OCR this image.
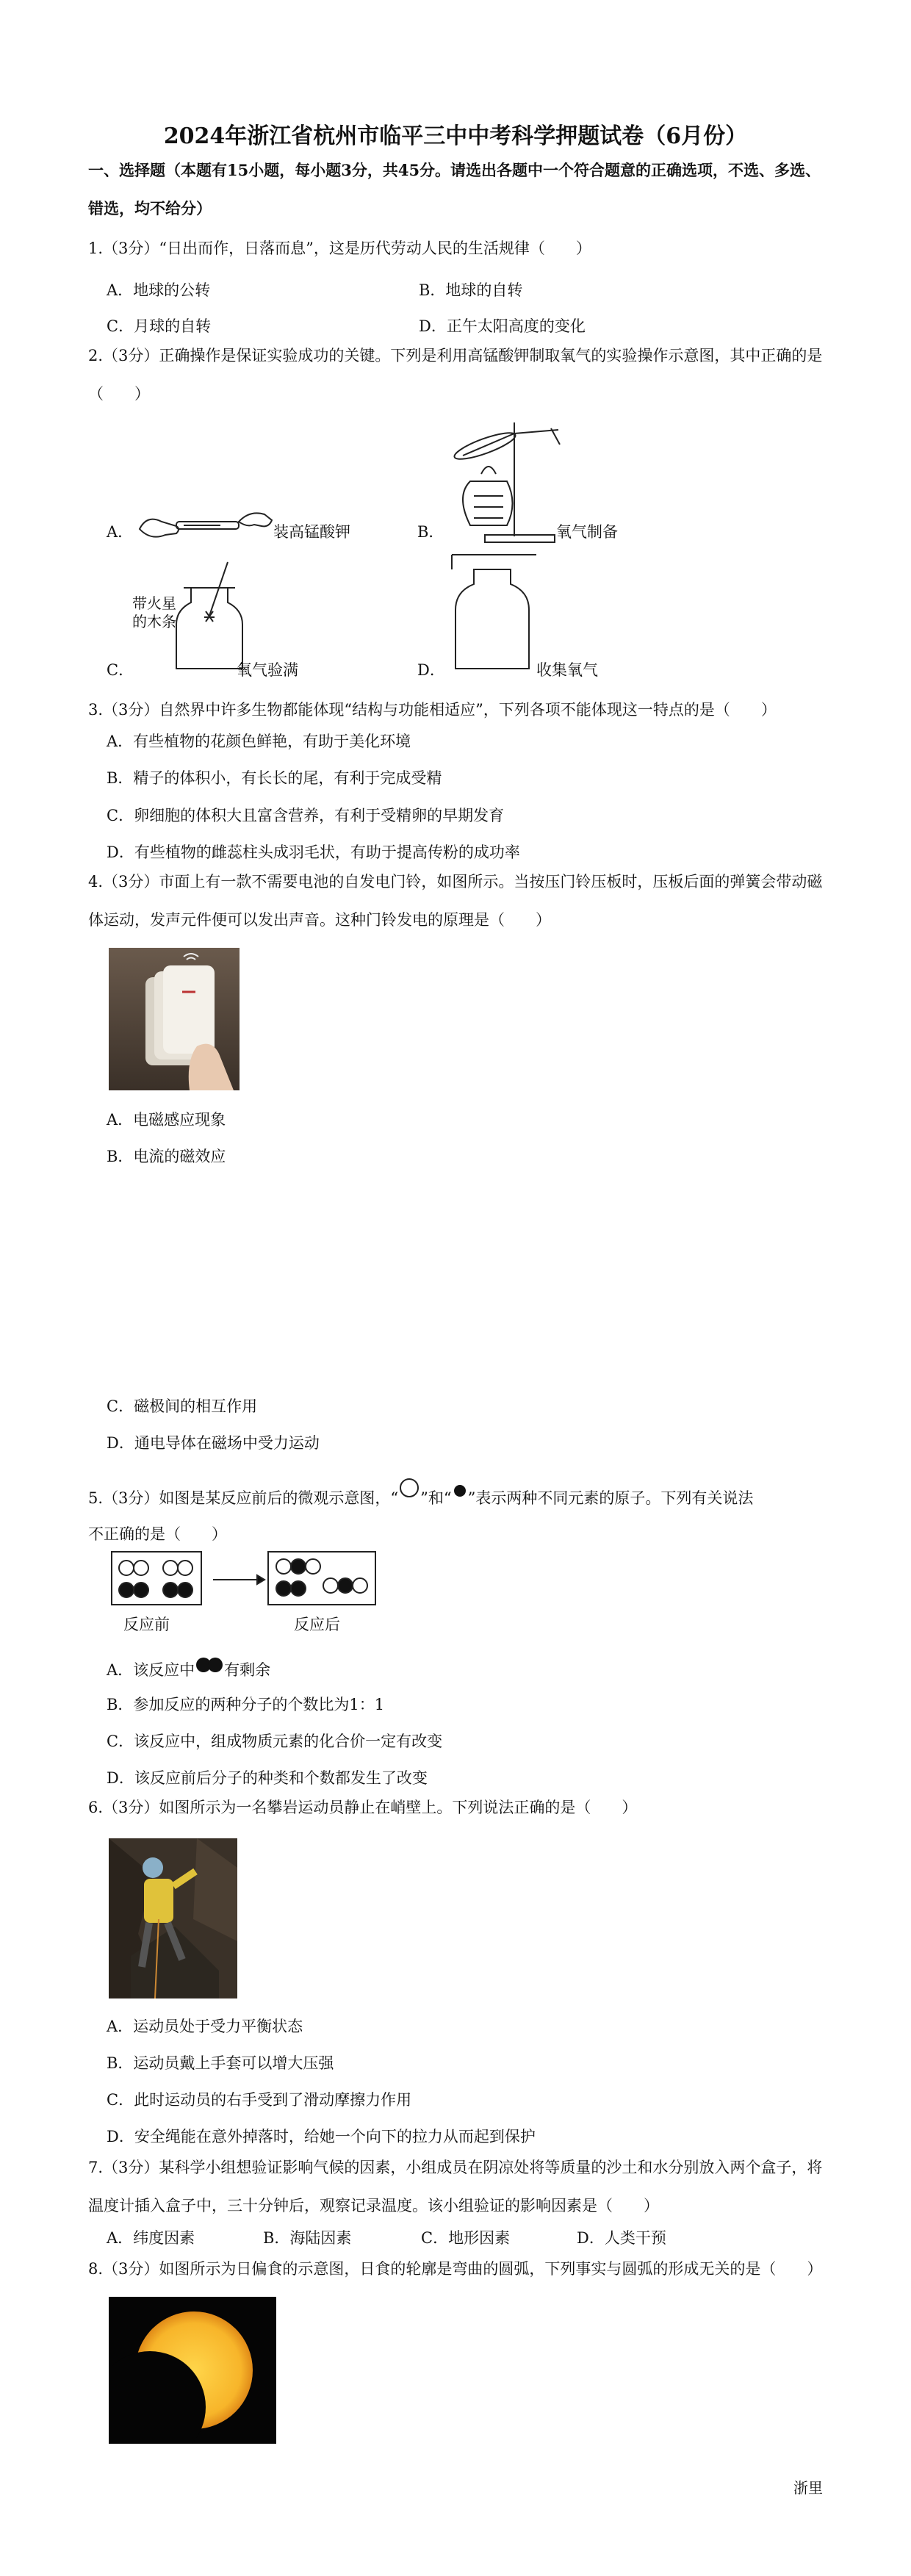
2024年浙江省杭州市临平三中中考科学押题试卷（6月份）
一、选择题（本题有15小题，每小题3分，共45分。请选出各题中一个符合题意的正确选项，不选、多选、错选，均不给分）
1.（3分）“日出而作，日落而息”，这是历代劳动人民的生活规律（　　）
A．地球的公转	B．地球的自转
C．月球的自转	D．正午太阳高度的变化
2.（3分）正确操作是保证实验成功的关键。下列是利用高锰酸钾制取氧气的实验操作示意图，其中正确的是（　　）
A．	装高锰酸钾	B．	氧气制备
带火星
的木条
C．	氧气验满	D．	收集氧气
3.（3分）自然界中许多生物都能体现“结构与功能相适应”，下列各项不能体现这一特点的是（　　）
A．有些植物的花颜色鲜艳，有助于美化环境
B．精子的体积小，有长长的尾，有利于完成受精
C．卵细胞的体积大且富含营养，有利于受精卵的早期发育
D．有些植物的雌蕊柱头成羽毛状，有助于提高传粉的成功率
4.（3分）市面上有一款不需要电池的自发电门铃，如图所示。当按压门铃压板时，压板后面的弹簧会带动磁体运动，发声元件便可以发出声音。这种门铃发电的原理是（　　）
A．电磁感应现象
B．电流的磁效应
C．磁极间的相互作用
D．通电导体在磁场中受力运动
5.（3分）如图是某反应前后的微观示意图，“ ”和“ ”表示两种不同元素的原子。下列有关说法
不正确的是（　　）
反应前	反应后
A．该反应中 有剩余
B．参加反应的两种分子的个数比为1：1
C．该反应中，组成物质元素的化合价一定有改变
D．该反应前后分子的种类和个数都发生了改变
6.（3分）如图所示为一名攀岩运动员静止在峭壁上。下列说法正确的是（　　）
A．运动员处于受力平衡状态
B．运动员戴上手套可以增大压强
C．此时运动员的右手受到了滑动摩擦力作用
D．安全绳能在意外掉落时，给她一个向下的拉力从而起到保护
7.（3分）某科学小组想验证影响气候的因素，小组成员在阴凉处将等质量的沙土和水分别放入两个盒子，将温度计插入盒子中，三十分钟后，观察记录温度。该小组验证的影响因素是（　　）
A．纬度因素	B．海陆因素	C．地形因素	D．人类干预
8.（3分）如图所示为日偏食的示意图，日食的轮廓是弯曲的圆弧，下列事实与圆弧的形成无关的是（　　）
浙里
